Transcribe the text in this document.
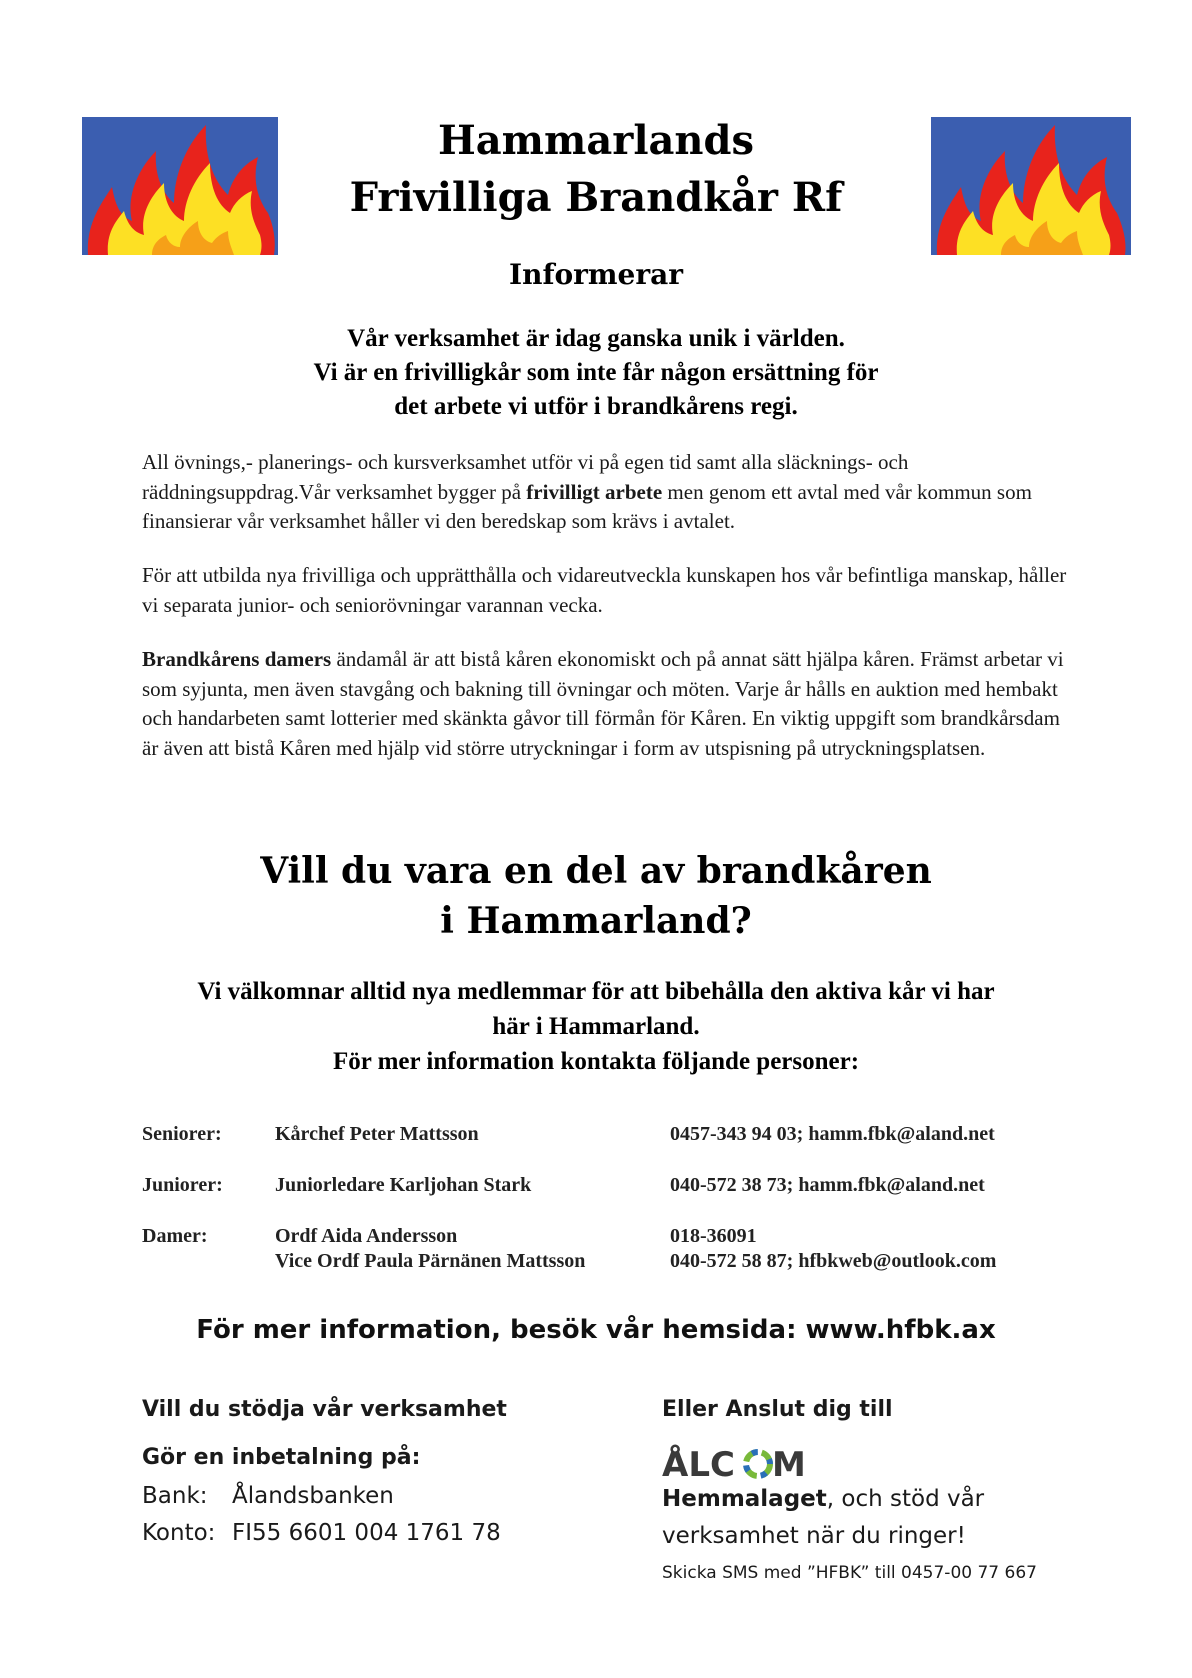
Hammarlands
Frivilliga Brandkår Rf
Informerar
Vår verksamhet är idag ganska unik i världen.
Vi är en frivilligkår som inte får någon ersättning för
det arbete vi utför i brandkårens regi.

All övnings,- planerings- och kursverksamhet utför vi på egen tid samt alla släcknings- och räddningsuppdrag.Vår verksamhet bygger på frivilligt arbete men genom ett avtal med vår kommun som finansierar vår verksamhet håller vi den beredskap som krävs i avtalet.

För att utbilda nya frivilliga och upprätthålla och vidareutveckla kunskapen hos vår befintliga manskap, håller vi separata junior- och seniorövningar varannan vecka.

Brandkårens damers ändamål är att bistå kåren ekonomiskt och på annat sätt hjälpa kåren. Främst arbetar vi som syjunta, men även stavgång och bakning till övningar och möten. Varje år hålls en auktion med hembakt och handarbeten samt lotterier med skänkta gåvor till förmån för Kåren. En viktig uppgift som brandkårsdam är även att bistå Kåren med hjälp vid större utryckningar i form av utspisning på utryckningsplatsen.

Vill du vara en del av brandkåren
i Hammarland?
Vi välkomnar alltid nya medlemmar för att bibehålla den aktiva kår vi har
här i Hammarland.
För mer information kontakta följande personer:
Seniorer:	Kårchef Peter Mattsson	0457-343 94 03; hamm.fbk@aland.net
Juniorer:	Juniorledare Karljohan Stark	040-572 38 73; hamm.fbk@aland.net
Damer:	Ordf Aida Andersson	018-36091
Vice Ordf Paula Pärnänen Mattsson	040-572 58 87; hfbkweb@outlook.com
För mer information, besök vår hemsida: www.hfbk.ax
Vill du stödja vår verksamhet
Gör en inbetalning på:
Bank: Ålandsbanken
Konto: FI55 6601 004 1761 78
Eller Anslut dig till
ÅLC M
Hemmalaget, och stöd vår
verksamhet när du ringer!
Skicka SMS med ”HFBK” till 0457-00 77 667
